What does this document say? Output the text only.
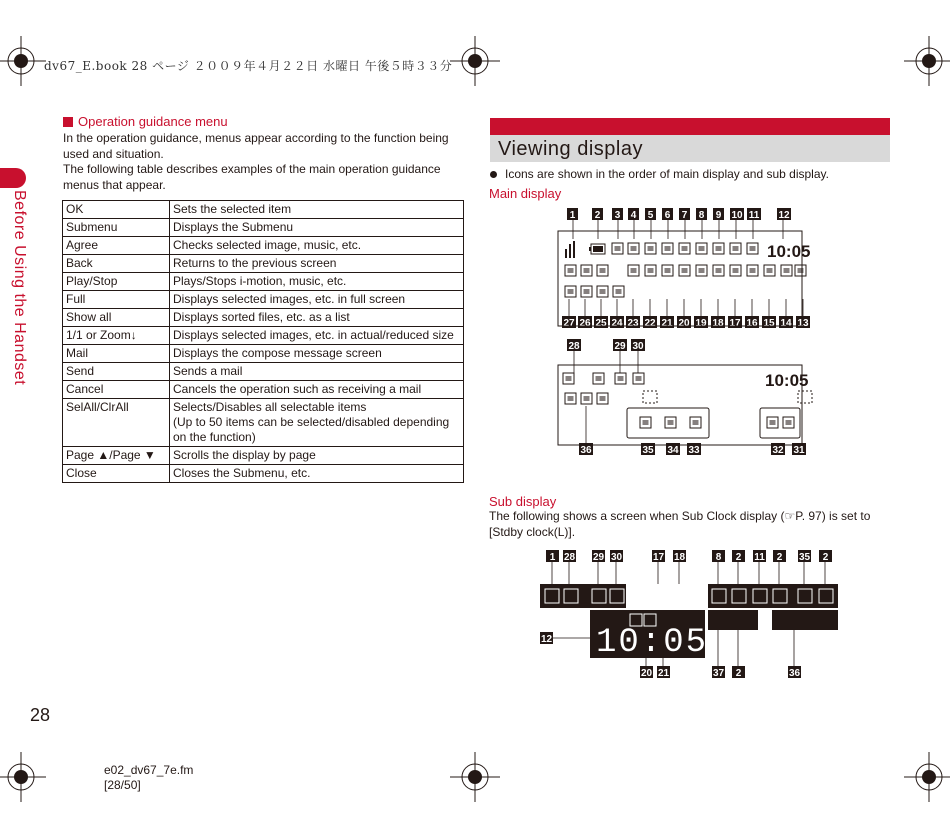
dv67_E.book 28 ページ ２００９年４月２２日 水曜日 午後５時３３分
Before Using the Handset
Operation guidance menu

In the operation guidance, menus appear according to the function being used and situation.

The following table describes examples of the main operation guidance menus that appear.

OK	Sets the selected item
Submenu	Displays the Submenu
Agree	Checks selected image, music, etc.
Back	Returns to the previous screen
Play/Stop	Plays/Stops i-motion, music, etc.
Full	Displays selected images, etc. in full screen
Show all	Displays sorted files, etc. as a list
1/1 or Zoom↓	Displays selected images, etc. in actual/reduced size
Mail	Displays the compose message screen
Send	Sends a mail
Cancel	Cancels the operation such as receiving a mail
SelAll/ClrAll	Selects/Disables all selectable items
(Up to 50 items can be selected/disabled depending on the function)
Page ▲/Page ▼	Scrolls the display by page
Close	Closes the Submenu, etc.
Viewing display
Icons are shown in the order of main display and sub display.
Main display
1 2 3 4 5 6 7 8 9 10 11 12
27 26 25 24 23 22 21 20 19 18 17 16 15 14 13
10:05
10:05
28	29 30
36	35 34 33	32 31
Sub display

The following shows a screen when Sub Clock display (☞P. 97) is set to [Stdby clock(L)].

1 28 29 30	17 18	8 2 11 2 35 2
10:05
12
20 21	37 2	36
28
e02_dv67_7e.fm
[28/50]
